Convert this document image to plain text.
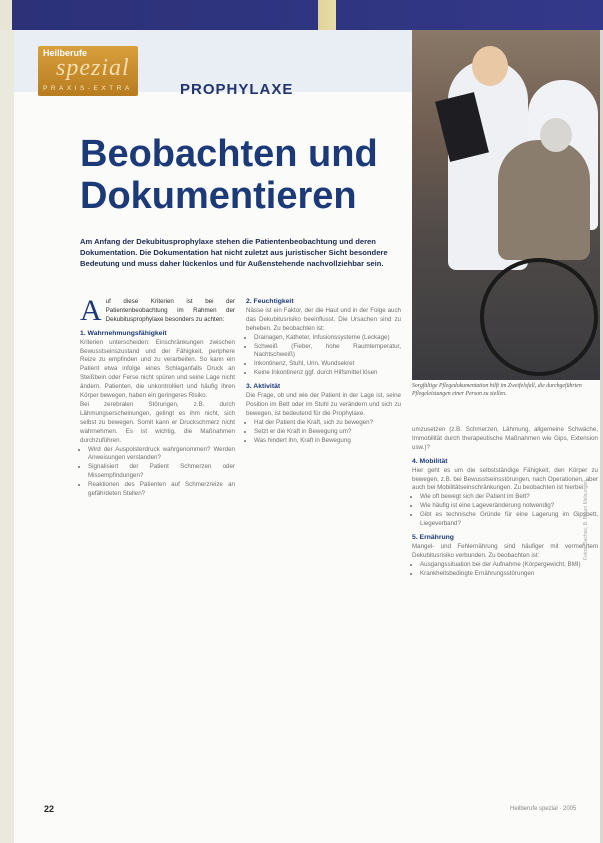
Heilberufe
spezial
PRAXIS-EXTRA	PROPHYLAXE
Beobachten und
Dokumentieren
Sorgfältige Pflegedokumentation hilft im Zweifelsfall, die durchgeführten Pflegeleistungen einer Person zu stellen.
Am Anfang der Dekubitusprophylaxe stehen die Patientenbeobachtung und deren Dokumentation. Die Dokumentation hat nicht zuletzt aus juristischer Sicht besondere Bedeutung und muss daher lückenlos und für Außenstehende nachvollziehbar sein.
A uf diese Kriterien ist bei der Patientenbeobachtung im Rahmen der Dekubitusprophylaxe besonders zu achten:
1. Wahrnehmungsfähigkeit

Kriterien unterscheiden: Einschränkungen zwischen Bewusstseinszustand und der Fähigkeit, periphere Reize zu empfinden und zu verarbeiten. So kann ein Patient etwa infolge eines Schlaganfalls Druck an Steißbein oder Ferse nicht spüren und seine Lage nicht ändern. Patienten, die unkontrolliert und häufig ihren Körper bewegen, haben ein geringeres Risiko.

Bei zerebralen Störungen, z.B. durch Lähmungserscheinungen, gelingt es ihm nicht, sich selbst zu bewegen. Somit kann er Druckschmerz nicht wahrnehmen. Es ist wichtig, die Maßnahmen durchzuführen.

• Wird der Auspolsterdruck wahrgenommen? Werden Anweisungen verstanden?
• Signalisiert der Patient Schmerzen oder Missempfindungen?
• Reaktionen des Patienten auf Schmerzreize an gefährdeten Stellen?
2. Feuchtigkeit

Nässe ist ein Faktor, der die Haut und in der Folge auch das Dekubitusrisiko beeinflusst. Die Ursachen sind zu beheben. Zu beobachten ist:

• Drainagen, Katheter, Infusionssysteme (Leckage)
• Schweiß (Fieber, hohe Raumtemperatur, Nachtschweiß)
• Inkontinenz, Stuhl, Urin, Wundsekret
• Keine Inkontinenz ggf. durch Hilfsmittel lösen
3. Aktivität

Die Frage, ob und wie der Patient in der Lage ist, seine Position im Bett oder im Stuhl zu verändern und sich zu bewegen, ist bedeutend für die Prophylaxe.

• Hat der Patient die Kraft, sich zu bewegen?
• Setzt er die Kraft in Bewegung um?
• Was hindert ihn, Kraft in Bewegung

umzusetzen (z.B. Schmerzen, Lähmung, allgemeine Schwäche, Immobilität durch therapeutische Maßnahmen wie Gips, Extension usw.)?

4. Mobilität

Hier geht es um die selbstständige Fähigkeit, den Körper zu bewegen, z.B. bei Bewusstseinsstörungen, nach Operationen, aber auch bei Mobilitätseinschränkungen. Zu beobachten ist hierbei:

• Wie oft bewegt sich der Patient im Bett?
• Wie häufig ist eine Lageveränderung notwendig?
• Gibt es technische Gründe für eine Lagerung im Gipsbett, Liegeverband?
5. Ernährung

Mangel- und Fehlernährung sind häufiger mit vermehrtem Dekubitusrisiko verbunden. Zu beobachten ist:

• Ausgangssituation bei der Aufnahme (Körpergewicht, BMI)
• Krankheitsbedingte Ernährungsstörungen
Fotos: Sachse; B. Braun Melsungen
22	Heilberufe spezial · 2005
